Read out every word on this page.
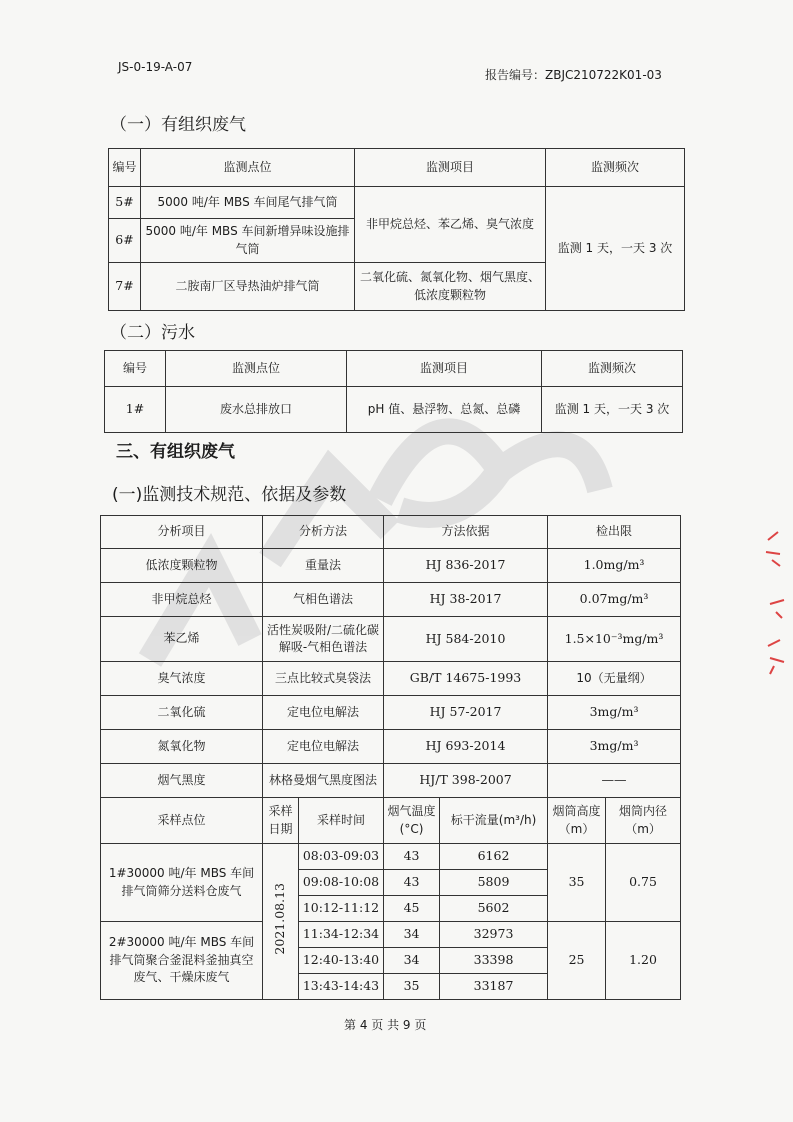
JS-0-19-A-07
报告编号：ZBJC210722K01-03
（一）有组织废气
编号	监测点位	监测项目	监测频次
5#	5000 吨/年 MBS 车间尾气排气筒	非甲烷总烃、苯乙烯、臭气浓度	监测 1 天，一天 3 次
6#	5000 吨/年 MBS 车间新增异味设施排气筒		
7#	二胺南厂区导热油炉排气筒	二氧化硫、氮氧化物、烟气黑度、低浓度颗粒物	
（二）污水
编号	监测点位	监测项目	监测频次
1#	废水总排放口	pH 值、悬浮物、总氮、总磷	监测 1 天，一天 3 次
三、有组织废气
(一)监测技术规范、依据及参数
分析项目	分析方法		方法依据		检出限	
低浓度颗粒物	重量法		HJ 836-2017		1.0mg/m³	
非甲烷总烃	气相色谱法		HJ 38-2017		0.07mg/m³	
苯乙烯	活性炭吸附/二硫化碳解吸-气相色谱法		HJ 584-2010		1.5×10⁻³mg/m³	
臭气浓度	三点比较式臭袋法		GB/T 14675-1993		10（无量纲）	
二氧化硫	定电位电解法		HJ 57-2017		3mg/m³	
氮氧化物	定电位电解法		HJ 693-2014		3mg/m³	
烟气黑度	林格曼烟气黑度图法		HJ/T 398-2007		——	
采样点位	采样日期	采样时间	烟气温度(°C)	标干流量(m³/h)	烟筒高度（m）	烟筒内径（m）
1#30000 吨/年 MBS 车间排气筒筛分送料仓废气	2021.08.13	08:03-09:03	43	6162	35	0.75
		09:08-10:08	43	5809		
		10:12-11:12	45	5602		
2#30000 吨/年 MBS 车间排气筒聚合釜混料釜抽真空废气、干燥床废气		11:34-12:34	34	32973	25	1.20
		12:40-13:40	34	33398		
		13:43-14:43	35	33187		
第 4 页 共 9 页
